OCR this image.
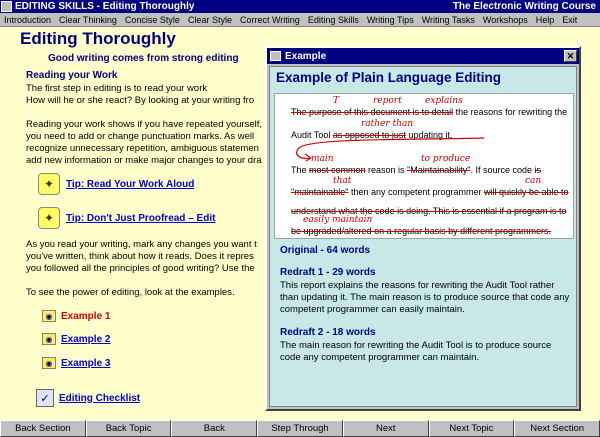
EDITING SKILLS - Editing Thoroughly	The Electronic Writing Course
Introduction Clear Thinking Concise Style Clear Style Correct Writing Editing Skills Writing Tips Writing Tasks Workshops Help Exit
Editing Thoroughly
Good writing comes from strong editing
Reading your Work
The first step in editing is to read your work
How will he or she react? By looking at your writing fro
Reading your work shows if you have repeated yourself,
you need to add or change punctuation marks. As well
recognize unnecessary repetition, ambiguous statemen
add new information or make major changes to your dra
✦	Tip: Read Your Work Aloud
✦	Tip: Don't Just Proofread – Edit
As you read your writing, mark any changes you want t
you've written, think about how it reads. Does it repres
you followed all the principles of good writing? Use the
To see the power of editing, look at the examples.
◉ Example 1
◉ Example 2
◉ Example 3
✓ Editing Checklist
Example	✕
Example of Plain Language Editing
T	report	explains
The purpose of this document is to detail the reasons for rewriting the
rather than
Audit Tool as opposed to just updating it.
main	to produce
The most common reason is "Maintainability". If source code is
that	can
"maintainable" then any competent programmer will quickly be able to
understand what the code is doing. This is essential if a program is to
easily maintain
be upgraded/altered on a regular basis by different programmers.
Original - 64 words
Redraft 1 - 29 words
This report explains the reasons for rewriting the Audit Tool rather than updating it. The main reason is to produce source that code any competent programmer can easily maintain.
Redraft 2 - 18 words
The main reason for rewriting the Audit Tool is to produce source code any competent programmer can maintain.
Back Section	Back Topic	Back	Step Through	Next	Next Topic	Next Section
